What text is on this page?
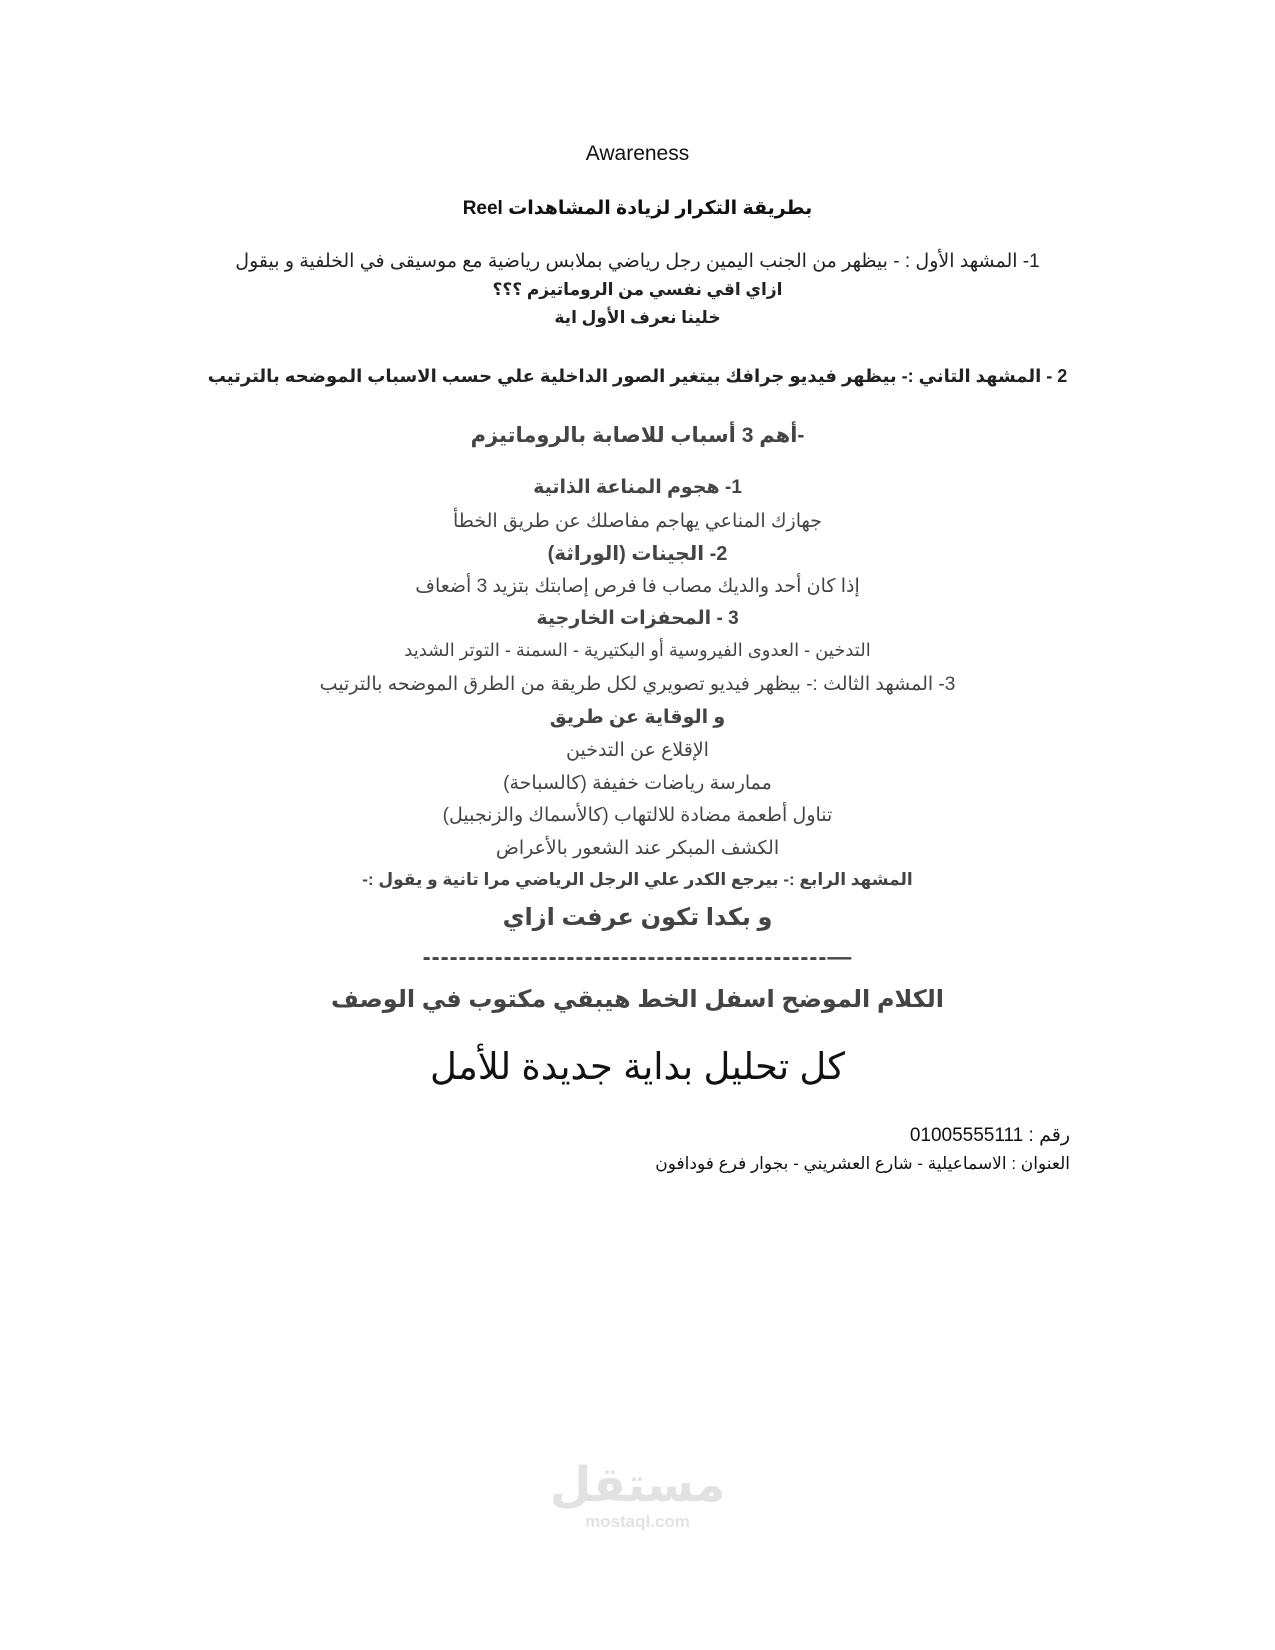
Awareness
بطريقة التكرار لزيادة المشاهدات Reel
1- المشهد الأول : - بيظهر من الجنب اليمين رجل رياضي بملابس رياضية مع موسيقى في الخلفية و بيقول
ازاي اقي نفسي من الروماتيزم ؟؟؟
خلينا نعرف الأول اية
2 - المشهد التاني :- بيظهر فيديو جرافك بيتغير الصور الداخلية علي حسب الاسباب الموضحه بالترتيب
-أهم 3 أسباب للاصابة بالروماتيزم
1- هجوم المناعة الذاتية
جهازك المناعي يهاجم مفاصلك عن طريق الخطأ
2- الجينات (الوراثة)
إذا كان أحد والديك مصاب فا فرص إصابتك بتزيد 3 أضعاف
3 - المحفزات الخارجية
التدخين - العدوى الفيروسية أو البكتيرية - السمنة - التوتر الشديد
3- المشهد الثالث :- بيظهر فيديو تصويري لكل طريقة من الطرق الموضحه بالترتيب
و الوقاية عن طريق
الإقلاع عن التدخين
ممارسة رياضات خفيفة (كالسباحة)
تناول أطعمة مضادة للالتهاب (كالأسماك والزنجبيل)
الكشف المبكر عند الشعور بالأعراض
المشهد الرابع :- بيرجع الكدر علي الرجل الرياضي مرا تانية و يقول :-
و بكدا تكون عرفت ازاي
---------------------------------------------—
الكلام الموضح اسفل الخط هيبقي مكتوب في الوصف
كل تحليل بداية جديدة للأمل
رقم : 01005555111
العنوان : الاسماعيلية - شارع العشريني - بجوار فرع فودافون
مستقل
mostaql.com
